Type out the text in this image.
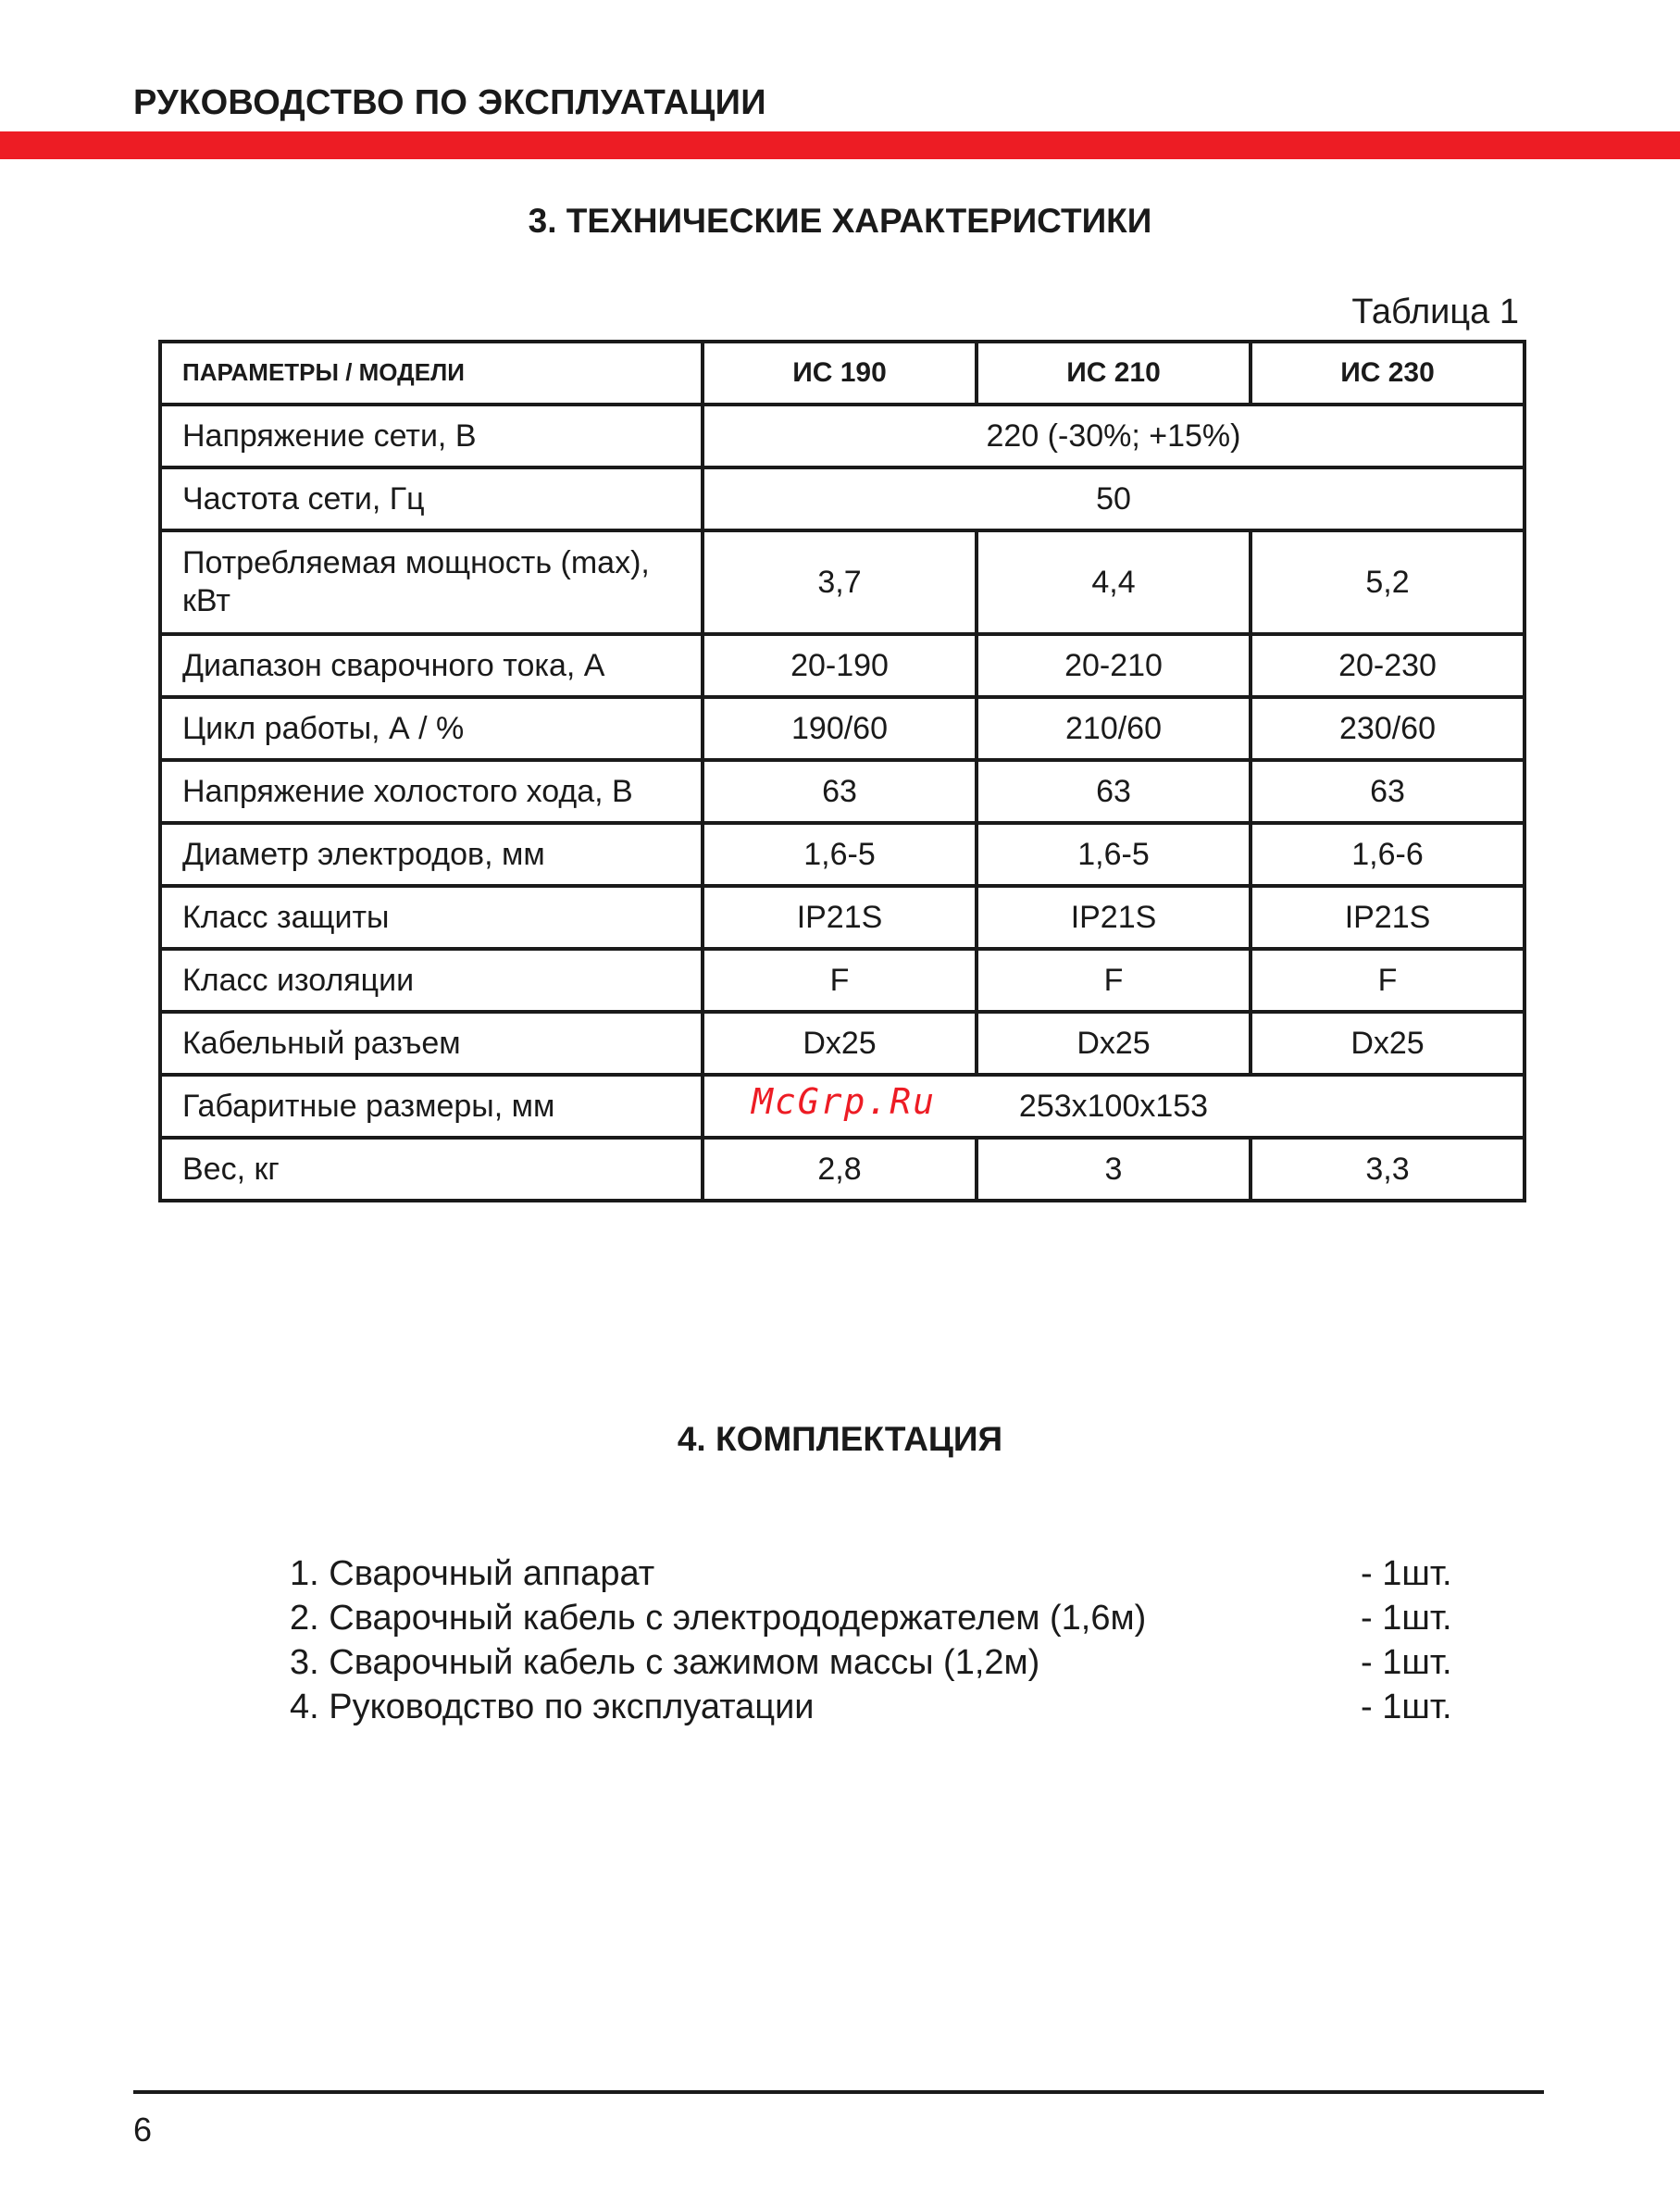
РУКОВОДСТВО ПО ЭКСПЛУАТАЦИИ
3. ТЕХНИЧЕСКИЕ ХАРАКТЕРИСТИКИ
Таблица 1
ПАРАМЕТРЫ / МОДЕЛИ	ИС 190	ИС 210	ИС 230
Напряжение сети, В	220 (-30%; +15%)		
Частота сети, Гц	50		
Потребляемая мощность (max), кВт	3,7	4,4	5,2
Диапазон сварочного тока, А	20-190	20-210	20-230
Цикл работы, А / %	190/60	210/60	230/60
Напряжение холостого хода, В	63	63	63
Диаметр электродов, мм	1,6-5	1,6-5	1,6-6
Класс защиты	IP21S	IP21S	IP21S
Класс изоляции	F	F	F
Кабельный разъем	Dx25	Dx25	Dx25
Габаритные размеры, мм	253x100x153		
Вес, кг	2,8	3	3,3
McGrp.Ru
4. КОМПЛЕКТАЦИЯ
1. Сварочный аппарат	- 1шт.
2. Сварочный кабель с электрододержателем (1,6м)	- 1шт.
3. Сварочный кабель с зажимом массы (1,2м)	- 1шт.
4. Руководство по эксплуатации	- 1шт.
6
